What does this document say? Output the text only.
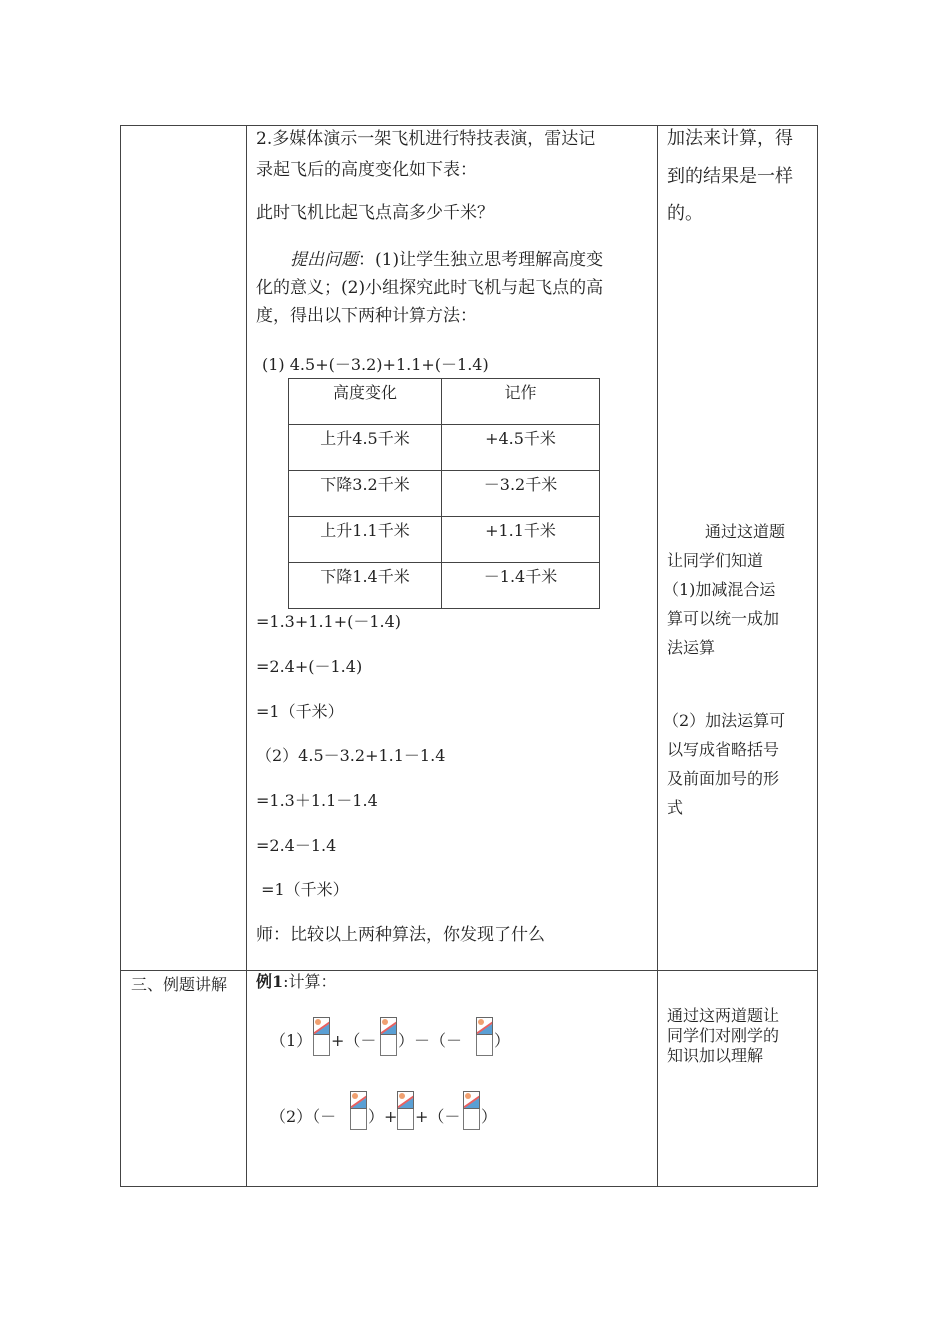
2.多媒体演示一架飞机进行特技表演，雷达记
录起飞后的高度变化如下表：
此时飞机比起飞点高多少千米？
提出问题：(1)让学生独立思考理解高度变
化的意义；(2)小组探究此时飞机与起飞点的高
度，得出以下两种计算方法：
(1) 4.5+(－3.2)+1.1+(－1.4)
高度变化	记作
上升4.5千米	+4.5千米
下降3.2千米	－3.2千米
上升1.1千米	+1.1千米
下降1.4千米	－1.4千米
=1.3+1.1+(－1.4)
=2.4+(－1.4)
=1（千米）
（2）4.5－3.2+1.1－1.4
=1.3＋1.1－1.4
=2.4－1.4
=1（千米）
师：比较以上两种算法，你发现了什么
加法来计算，得
到的结果是一样
的。
通过这道题
让同学们知道
（1)加减混合运
算可以统一成加
法运算
（2）加法运算可
以写成省略括号
及前面加号的形
式
三、例题讲解 例1:计算：
（1） +（－ ）－（－ ）
（2）（－ ）+ +（－ ）
通过这两道题让
同学们对刚学的
知识加以理解
